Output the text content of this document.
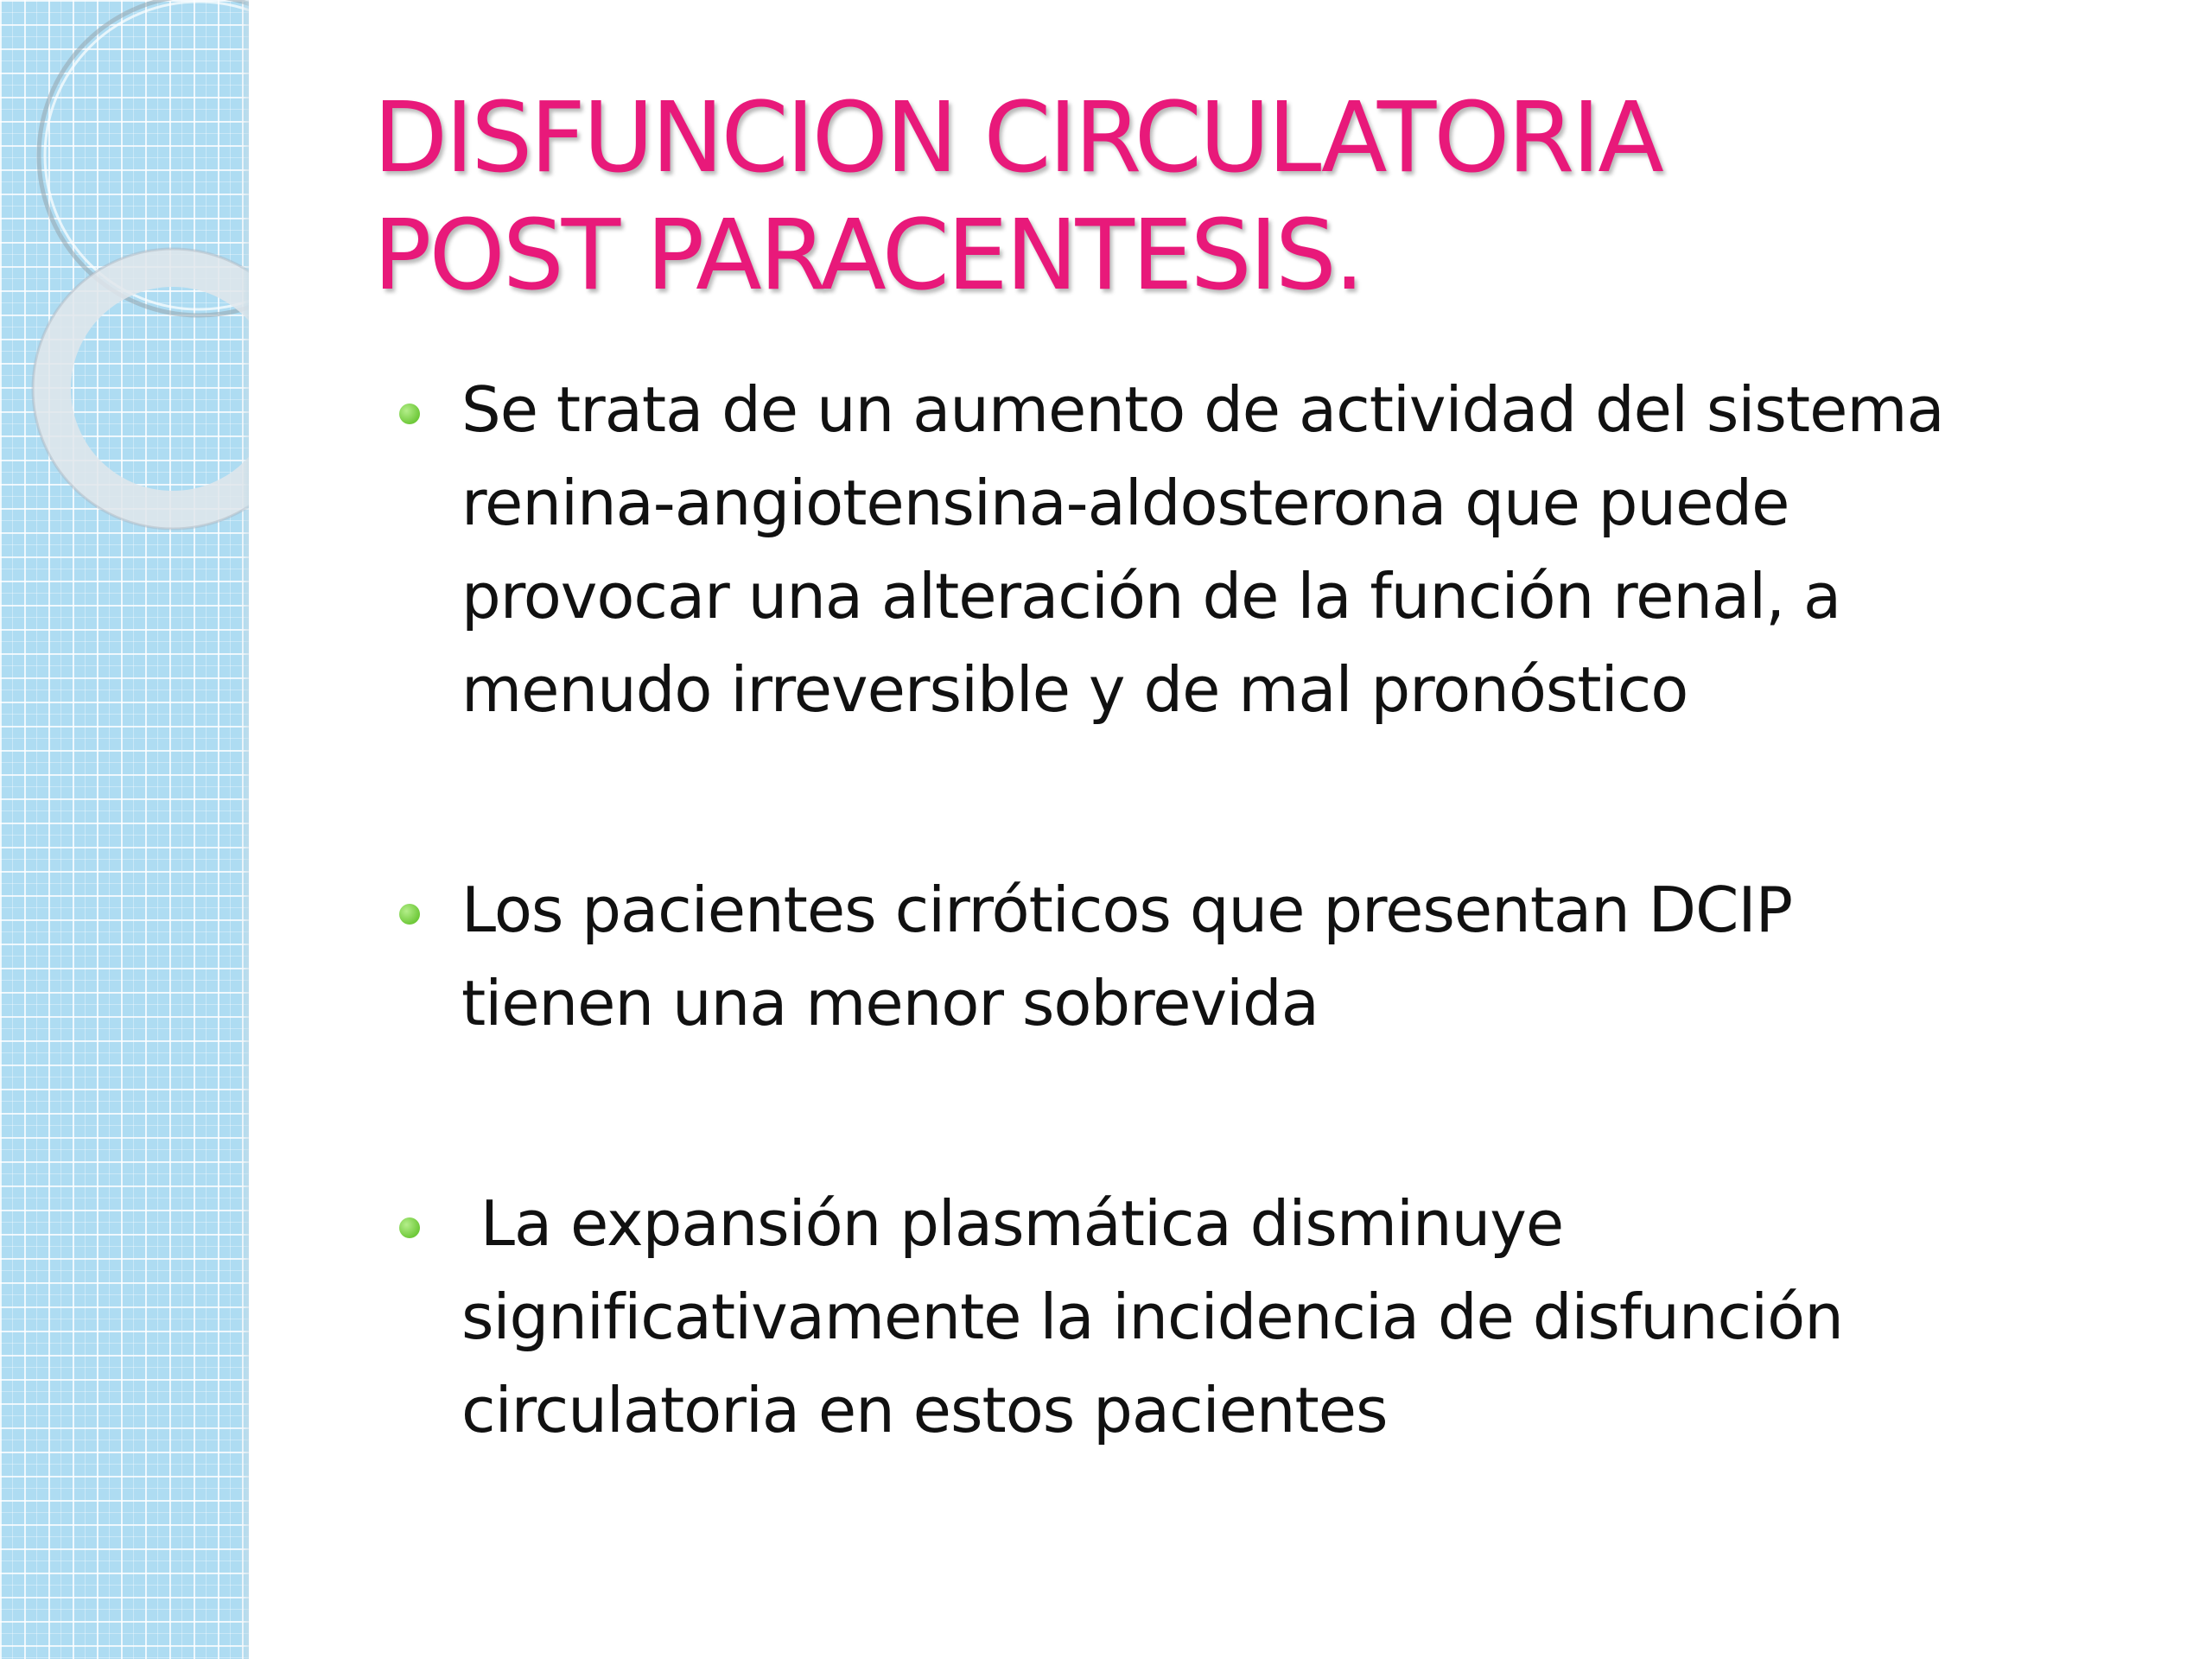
DISFUNCION CIRCULATORIA
POST PARACENTESIS.
Se trata de un aumento de actividad del sistema
renina-angiotensina-aldosterona que puede
provocar una alteración de la función renal, a
menudo irreversible y de mal pronóstico
Los pacientes cirróticos que presentan DCIP
tienen una menor sobrevida
La expansión plasmática disminuye
significativamente la incidencia de disfunción
circulatoria en estos pacientes
